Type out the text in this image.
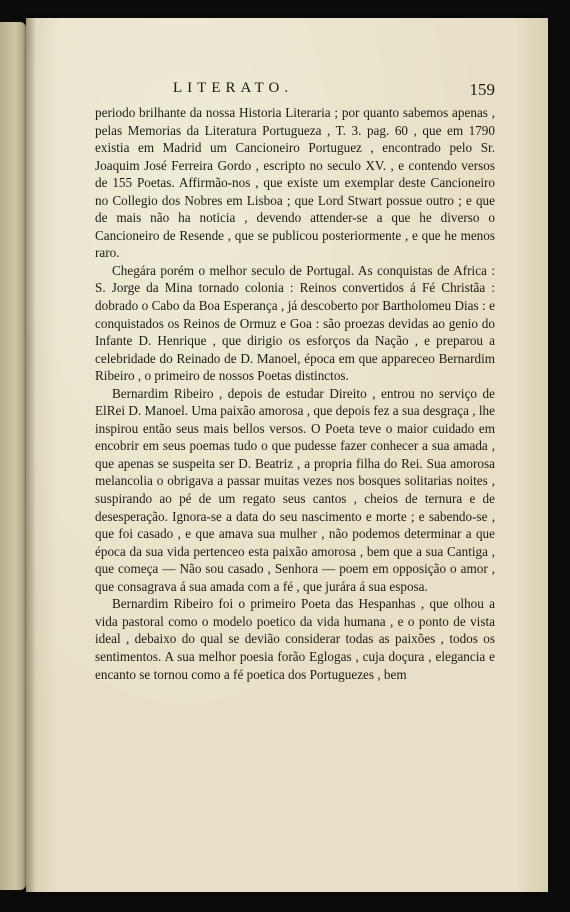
LITERATO.	159

periodo brilhante da nossa Historia Literaria ; por quanto sabemos apenas , pelas Memorias da Literatura Portugueza , T. 3. pag. 60 , que em 1790 existia em Madrid um Cancioneiro Portuguez , encontrado pelo Sr. Joaquim José Ferreira Gordo , escripto no seculo XV. , e contendo versos de 155 Poetas. Affirmão-nos , que existe um exemplar deste Cancioneiro no Collegio dos Nobres em Lisboa ; que Lord Stwart possue outro ; e que de mais não ha noticia , devendo attender-se a que he diverso o Cancioneiro de Resende , que se publicou posteriormente , e que he menos raro.

Chegára porém o melhor seculo de Portugal. As conquistas de Africa : S. Jorge da Mina tornado colonia : Reinos convertidos á Fé Christãa : dobrado o Cabo da Boa Esperança , já descoberto por Bartholomeu Dias : e conquistados os Reinos de Ormuz e Goa : são proezas devidas ao genio do Infante D. Henrique , que dirigio os esforços da Nação , e preparou a celebridade do Reinado de D. Manoel, época em que appareceo Bernardim Ribeiro , o primeiro de nossos Poetas distinctos.

Bernardim Ribeiro , depois de estudar Direito , entrou no serviço de ElRei D. Manoel. Uma paixão amorosa , que depois fez a sua desgraça , lhe inspirou então seus mais bellos versos. O Poeta teve o maior cuidado em encobrir em seus poemas tudo o que pudesse fazer conhecer a sua amada , que apenas se suspeita ser D. Beatriz , a propria filha do Rei. Sua amorosa melancolia o obrigava a passar muitas vezes nos bosques solitarias noites , suspirando ao pé de um regato seus cantos , cheios de ternura e de desesperação. Ignora-se a data do seu nascimento e morte ; e sabendo-se , que foi casado , e que amava sua mulher , não podemos determinar a que época da sua vida pertenceo esta paixão amorosa , bem que a sua Cantiga , que começa — Não sou casado , Senhora — poem em opposição o amor , que consagrava á sua amada com a fé , que jurára á sua esposa.

Bernardim Ribeiro foi o primeiro Poeta das Hespanhas , que olhou a vida pastoral como o modelo poetico da vida humana , e o ponto de vista ideal , debaixo do qual se devião considerar todas as paixões , todos os sentimentos. A sua melhor poesia forão Eglogas , cuja doçura , elegancia e encanto se tornou como a fé poetica dos Portuguezes , bem
